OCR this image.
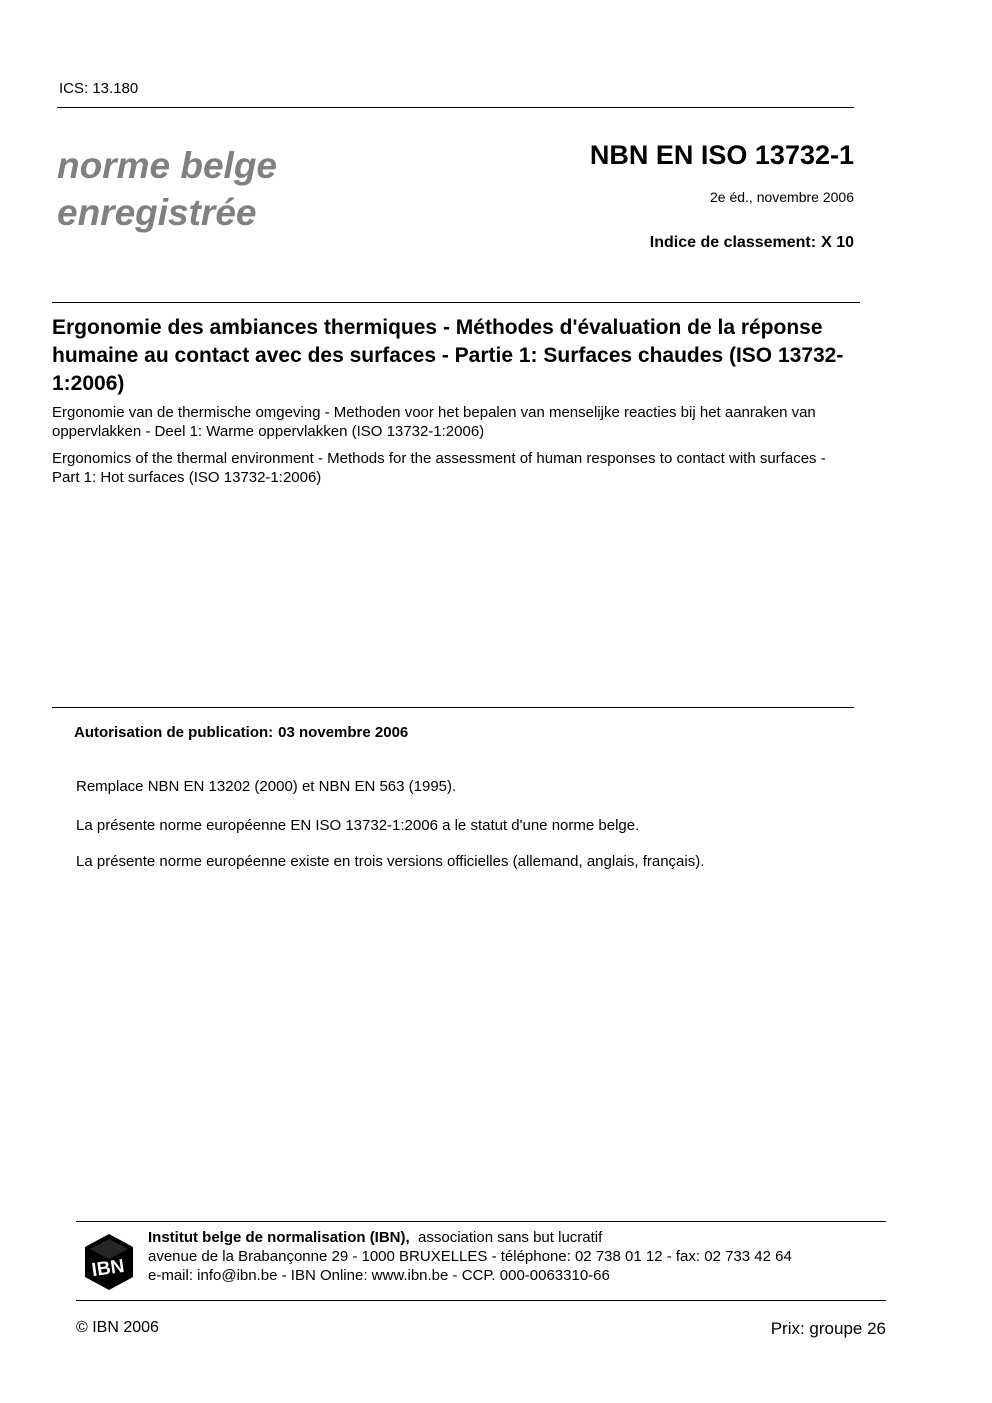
ICS: 13.180
norme belge
enregistrée
NBN EN ISO 13732-1
2e éd., novembre 2006
Indice de classement: X 10
Ergonomie des ambiances thermiques - Méthodes d'évaluation de la réponse humaine au contact avec des surfaces - Partie 1: Surfaces chaudes (ISO 13732-1:2006)
Ergonomie van de thermische omgeving - Methoden voor het bepalen van menselijke reacties bij het aanraken van oppervlakken - Deel 1: Warme oppervlakken (ISO 13732-1:2006)
Ergonomics of the thermal environment - Methods for the assessment of human responses to contact with surfaces - Part 1: Hot surfaces (ISO 13732-1:2006)
Autorisation de publication: 03 novembre 2006
Remplace NBN EN 13202 (2000) et NBN EN 563 (1995).
La présente norme européenne EN ISO 13732-1:2006 a le statut d'une norme belge.
La présente norme européenne existe en trois versions officielles (allemand, anglais, français).
IBN
Institut belge de normalisation (IBN), association sans but lucratif
avenue de la Brabançonne 29 - 1000 BRUXELLES - téléphone: 02 738 01 12 - fax: 02 733 42 64
e-mail: info@ibn.be - IBN Online: www.ibn.be - CCP. 000-0063310-66
© IBN 2006	Prix: groupe 26
